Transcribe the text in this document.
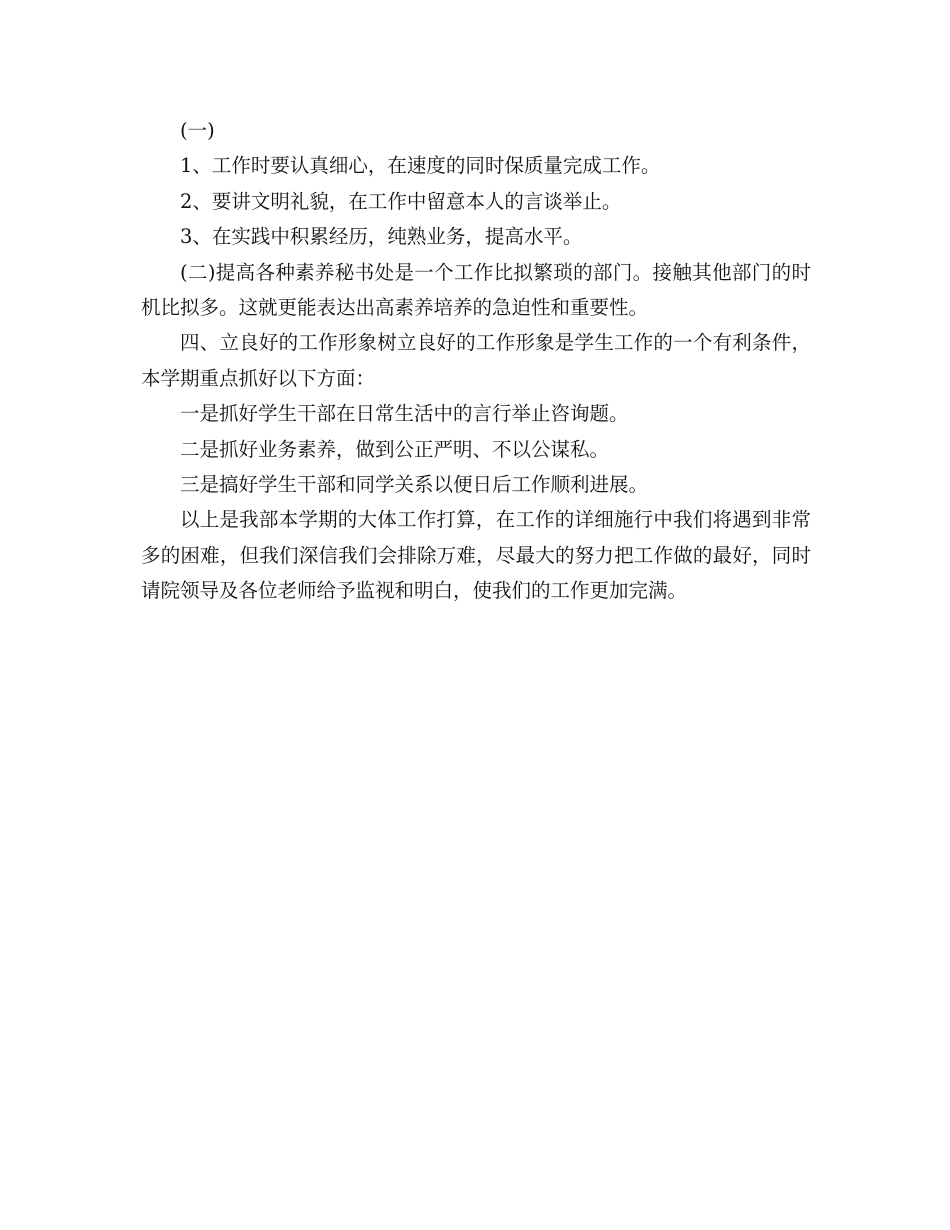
(一)

1、工作时要认真细心，在速度的同时保质量完成工作。

2、要讲文明礼貌，在工作中留意本人的言谈举止。

3、在实践中积累经历，纯熟业务，提高水平。

(二)提高各种素养秘书处是一个工作比拟繁琐的部门。接触其他部门的时机比拟多。这就更能表达出高素养培养的急迫性和重要性。

四、立良好的工作形象树立良好的工作形象是学生工作的一个有利条件，本学期重点抓好以下方面：

一是抓好学生干部在日常生活中的言行举止咨询题。

二是抓好业务素养，做到公正严明、不以公谋私。

三是搞好学生干部和同学关系以便日后工作顺利进展。

以上是我部本学期的大体工作打算，在工作的详细施行中我们将遇到非常多的困难，但我们深信我们会排除万难，尽最大的努力把工作做的最好，同时请院领导及各位老师给予监视和明白，使我们的工作更加完满。
